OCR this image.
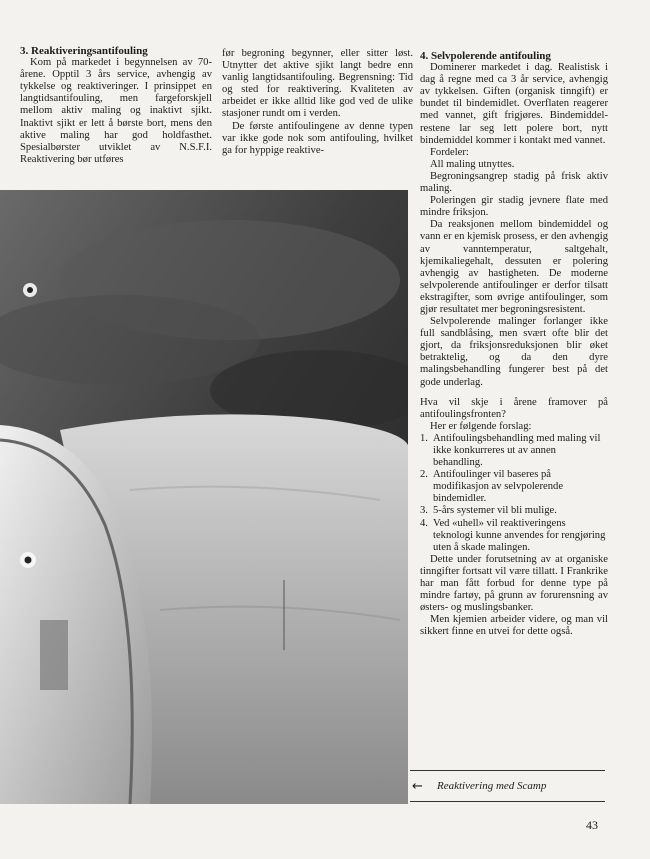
3. Reaktiveringsantifouling

Kom på markedet i begynnelsen av 70-årene. Opptil 3 års service, avhengig av tykkelse og reaktiveringer. I prinsippet en langtidsantifouling, men fargeforskjell mellom aktiv maling og inaktivt sjikt. Inaktivt sjikt er lett å børste bort, mens den aktive maling har god holdfasthet. Spesialbørster utviklet av N.S.F.I. Reaktivering bør utføres

før begroning begynner, eller sitter løst. Utnytter det aktive sjikt langt bedre enn vanlig langtidsantifouling. Begrensning: Tid og sted for reaktivering. Kvaliteten av arbeidet er ikke alltid like god ved de ulike stasjoner rundt om i verden.

De første antifoulingene av denne typen var ikke gode nok som antifouling, hvilket ga for hyppige reaktive-

4. Selvpolerende antifouling

Dominerer markedet i dag. Realistisk i dag å regne med ca 3 år service, avhengig av tykkelsen. Giften (organisk tinngift) er bundet til bindemidlet. Overflaten reagerer med vannet, gift frigjøres. Bindemiddel-restene lar seg lett polere bort, nytt bindemiddel kommer i kontakt med vannet.

Fordeler:

All maling utnyttes.

Begroningsangrep stadig på frisk aktiv maling.

Poleringen gir stadig jevnere flate med mindre friksjon.

Da reaksjonen mellom bindemiddel og vann er en kjemisk prosess, er den avhengig av vanntemperatur, saltgehalt, kjemikaliegehalt, dessuten er polering avhengig av hastigheten. De moderne selvpolerende antifoulinger er derfor tilsatt ekstragifter, som øvrige antifoulinger, som gjør resultatet mer begroningsresistent.

Selvpolerende malinger forlanger ikke full sandblåsing, men svært ofte blir det gjort, da friksjonsreduksjonen blir øket betraktelig, og da den dyre malingsbehandling fungerer best på det gode underlag.

Hva vil skje i årene framover på antifoulingsfronten?

Her er følgende forslag:

1. Antifoulingsbehandling med maling vil ikke konkurreres ut av annen behandling.
2. Antifoulinger vil baseres på modifikasjon av selvpolerende bindemidler.
3. 5-års systemer vil bli mulige.
4. Ved «uhell» vil reaktiveringens teknologi kunne anvendes for rengjøring uten å skade malingen.

Dette under forutsetning av at organiske tinngifter fortsatt vil være tillatt. I Frankrike har man fått forbud for denne type på mindre fartøy, på grunn av forurensning av østers- og muslingsbanker.

Men kjemien arbeider videre, og man vil sikkert finne en utvei for dette også.

← Reaktivering med Scamp
43
